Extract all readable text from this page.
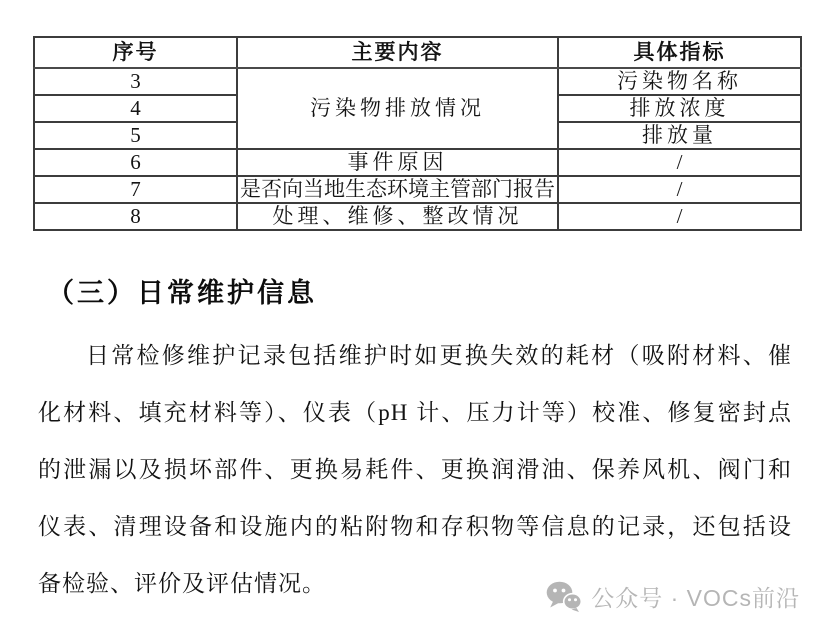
序号	主要内容	具体指标
3	污染物排放情况	污染物名称
4		排放浓度
5		排放量
6	事件原因	/
7	是否向当地生态环境主管部门报告	/
8	处理、维修、整改情况	/
（三）日常维护信息
日常检修维护记录包括维护时如更换失效的耗材（吸附材料、催
化材料、填充材料等）、仪表（pH 计、压力计等）校准、修复密封点
的泄漏以及损坏部件、更换易耗件、更换润滑油、保养风机、阀门和
仪表、清理设备和设施内的粘附物和存积物等信息的记录，还包括设
备检验、评价及评估情况。
公众号 · VOCs前沿
